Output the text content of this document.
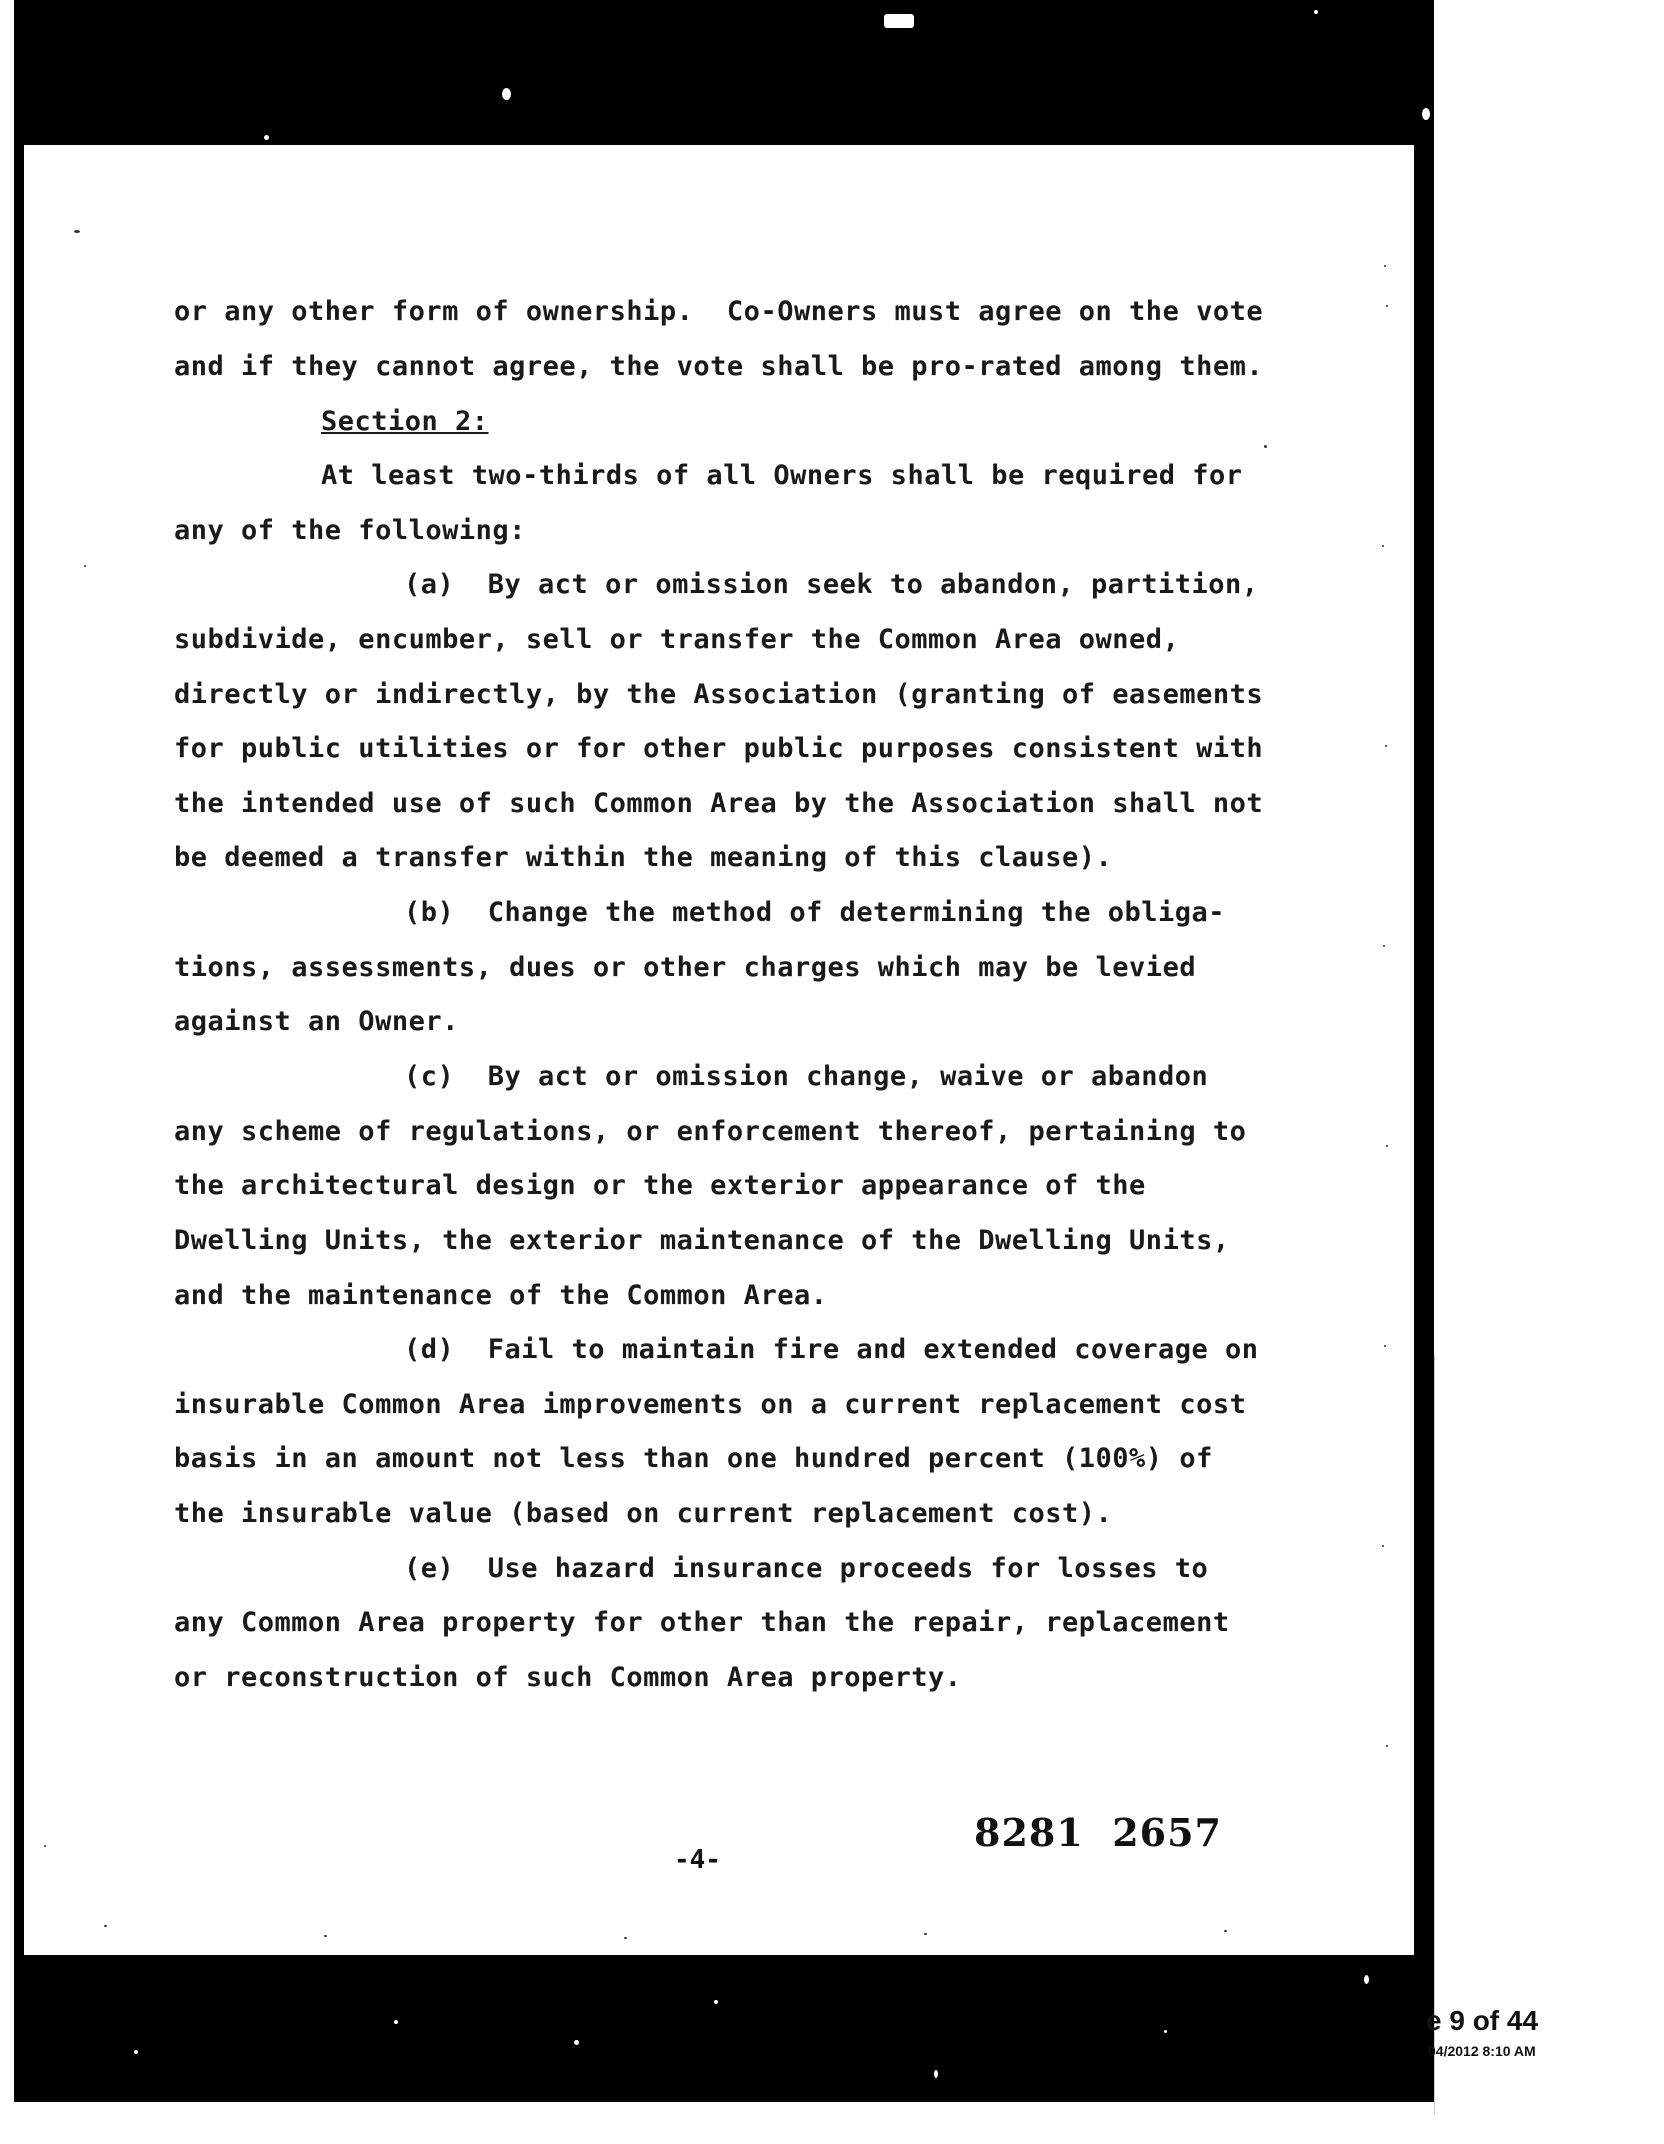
or any other form of ownership.  Co-Owners must agree on the vote
and if they cannot agree, the vote shall be pro-rated among them.
Section 2:
At least two-thirds of all Owners shall be required for
any of the following:
(a)  By act or omission seek to abandon, partition,
subdivide, encumber, sell or transfer the Common Area owned,
directly or indirectly, by the Association (granting of easements
for public utilities or for other public purposes consistent with
the intended use of such Common Area by the Association shall not
be deemed a transfer within the meaning of this clause).
(b)  Change the method of determining the obliga-
tions, assessments, dues or other charges which may be levied
against an Owner.
(c)  By act or omission change, waive or abandon
any scheme of regulations, or enforcement thereof, pertaining to
the architectural design or the exterior appearance of the
Dwelling Units, the exterior maintenance of the Dwelling Units,
and the maintenance of the Common Area.
(d)  Fail to maintain fire and extended coverage on
insurable Common Area improvements on a current replacement cost
basis in an amount not less than one hundred percent (100%) of
the insurable value (based on current replacement cost).
(e)  Use hazard insurance proceeds for losses to
any Common Area property for other than the repair, replacement
or reconstruction of such Common Area property.
-4-
8281  2657
e 9 of 44
04/2012 8:10 AM
